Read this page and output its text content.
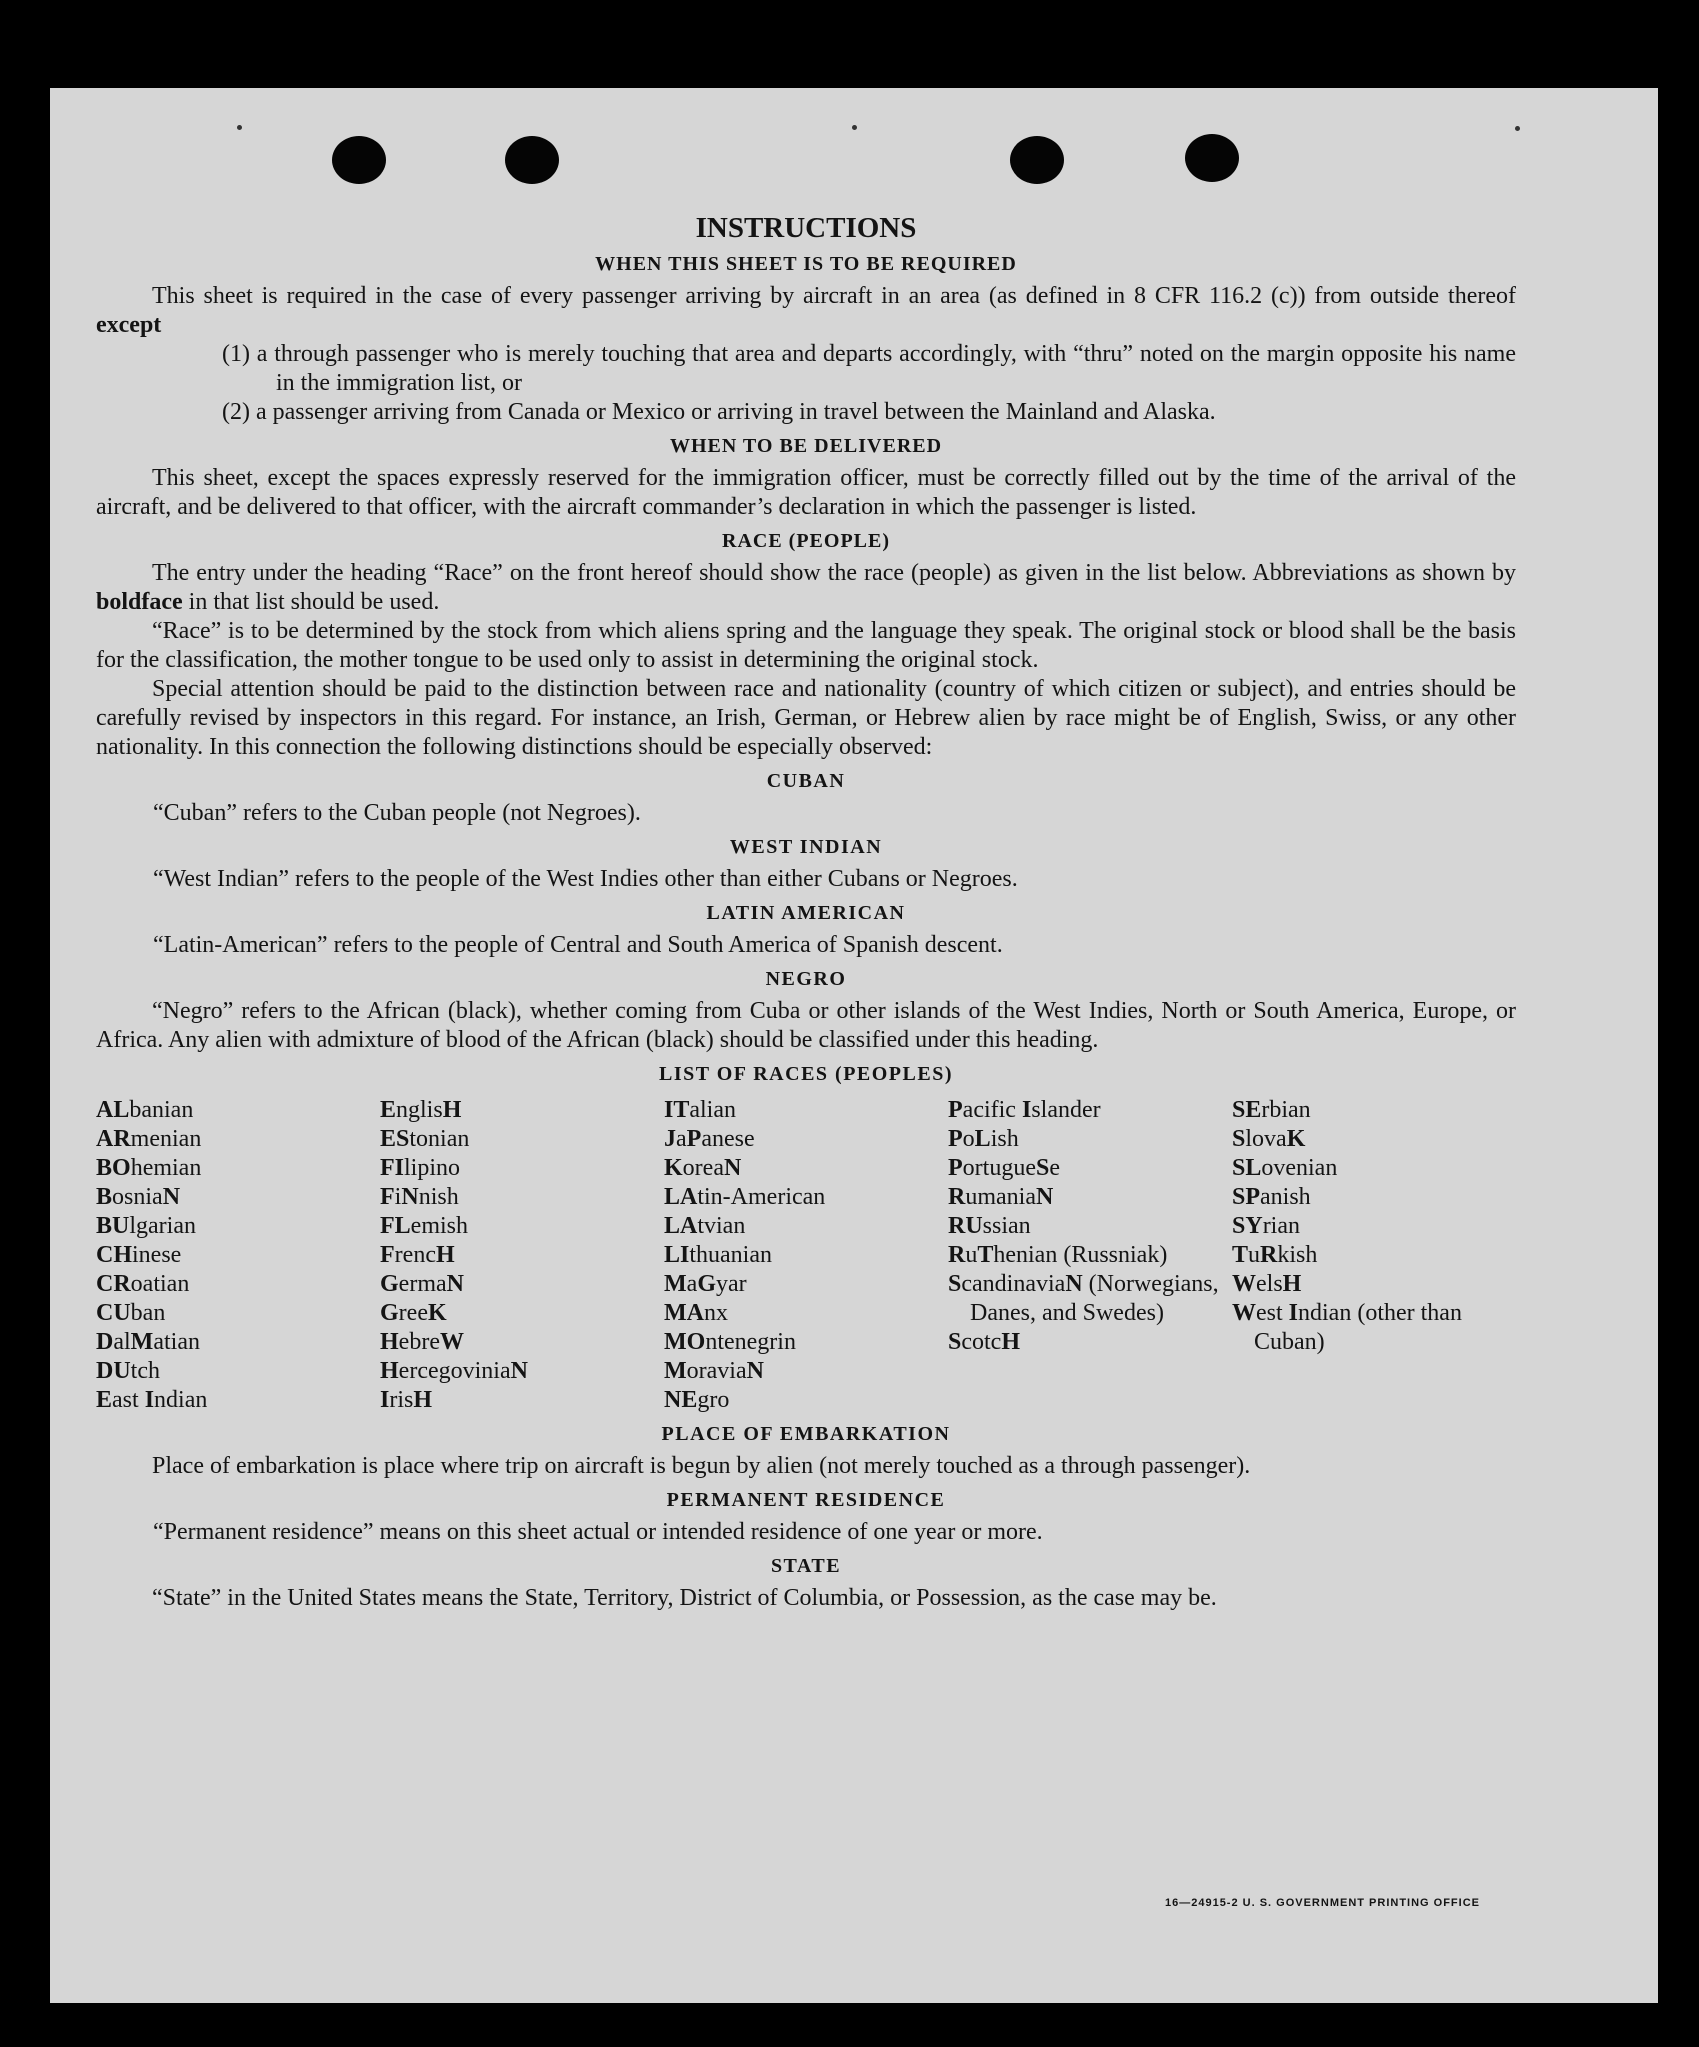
INSTRUCTIONS
WHEN THIS SHEET IS TO BE REQUIRED

This sheet is required in the case of every passenger arriving by aircraft in an area (as defined in 8 CFR 116.2 (c)) from outside thereof except

(1) a through passenger who is merely touching that area and departs accordingly, with “thru” noted on the margin opposite his name in the immigration list, or
(2) a passenger arriving from Canada or Mexico or arriving in travel between the Mainland and Alaska.
WHEN TO BE DELIVERED

This sheet, except the spaces expressly reserved for the immigration officer, must be correctly filled out by the time of the arrival of the aircraft, and be delivered to that officer, with the aircraft commander’s declaration in which the passenger is listed.

RACE (PEOPLE)

The entry under the heading “Race” on the front hereof should show the race (people) as given in the list below. Abbreviations as shown by boldface in that list should be used.

“Race” is to be determined by the stock from which aliens spring and the language they speak. The original stock or blood shall be the basis for the classification, the mother tongue to be used only to assist in determining the original stock.

Special attention should be paid to the distinction between race and nationality (country of which citizen or subject), and entries should be carefully revised by inspectors in this regard. For instance, an Irish, German, or Hebrew alien by race might be of English, Swiss, or any other nationality. In this connection the following distinctions should be especially observed:

CUBAN
“Cuban” refers to the Cuban people (not Negroes).
WEST INDIAN
“West Indian” refers to the people of the West Indies other than either Cubans or Negroes.
LATIN AMERICAN
“Latin-American” refers to the people of Central and South America of Spanish descent.
NEGRO

“Negro” refers to the African (black), whether coming from Cuba or other islands of the West Indies, North or South America, Europe, or Africa. Any alien with admixture of blood of the African (black) should be classified under this heading.

LIST OF RACES (PEOPLES)
ALbanian
ARmenian
BOhemian
BosniaN
BUlgarian
CHinese
CRoatian
CUban
DalMatian
DUtch
East Indian
EnglisH
EStonian
FIlipino
FiNnish
FLemish
FrencH
GermaN
GreeK
HebreW
HercegoviniaN
IrisH
ITalian
JaPanese
KoreaN
LAtin-American
LAtvian
LIthuanian
MaGyar
MAnx
MOntenegrin
MoraviaN
NEgro
Pacific Islander
PoLish
PortugueSe
RumaniaN
RUssian
RuThenian (Russniak)
ScandinaviaN (Norwegians, Danes, and Swedes)
ScotcH
SErbian
SlovaK
SLovenian
SPanish
SYrian
TuRkish
WelsH
West Indian (other than Cuban)
PLACE OF EMBARKATION

Place of embarkation is place where trip on aircraft is begun by alien (not merely touched as a through passenger).

PERMANENT RESIDENCE
“Permanent residence” means on this sheet actual or intended residence of one year or more.
STATE

“State” in the United States means the State, Territory, District of Columbia, or Possession, as the case may be.

16—24915-2 U. S. GOVERNMENT PRINTING OFFICE
